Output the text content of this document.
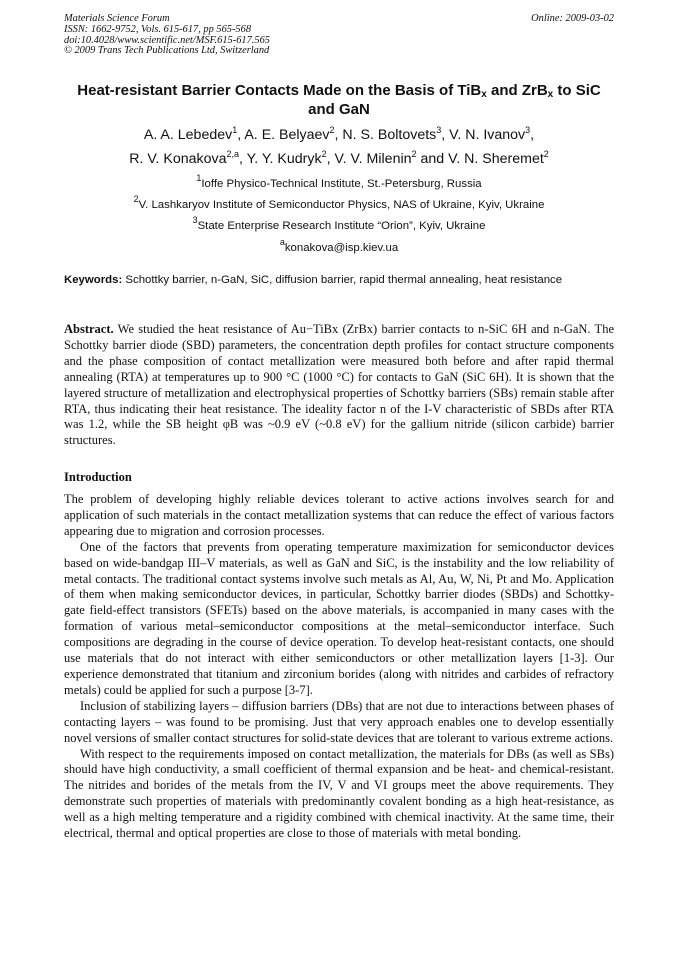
Materials Science Forum
ISSN: 1662-9752, Vols. 615-617, pp 565-568
doi:10.4028/www.scientific.net/MSF.615-617.565
© 2009 Trans Tech Publications Ltd, Switzerland
Online: 2009-03-02
Heat-resistant Barrier Contacts Made on the Basis of TiB$_x$ and ZrB$_x$ to SiC and GaN
A. A. Lebedev$^1$, A. E. Belyaev$^2$, N. S. Boltovets$^3$, V. N. Ivanov$^3$,
R. V. Konakova$^{2,a}$, Y. Y. Kudryk$^2$, V. V. Milenin$^2$ and V. N. Sheremet$^2$
$^1$Ioffe Physico-Technical Institute, St.-Petersburg, Russia
$^2$V. Lashkaryov Institute of Semiconductor Physics, NAS of Ukraine, Kyiv, Ukraine
$^3$State Enterprise Research Institute “Orion”, Kyiv, Ukraine
$^a$konakova@isp.kiev.ua
Keywords: Schottky barrier, n-GaN, SiC, diffusion barrier, rapid thermal annealing, heat resistance
Abstract. We studied the heat resistance of Au−TiBx (ZrBx) barrier contacts to n-SiC 6H and n-GaN. The Schottky barrier diode (SBD) parameters, the concentration depth profiles for contact structure components and the phase composition of contact metallization were measured both before and after rapid thermal annealing (RTA) at temperatures up to 900 °C (1000 °C) for contacts to GaN (SiC 6H). It is shown that the layered structure of metallization and electrophysical properties of Schottky barriers (SBs) remain stable after RTA, thus indicating their heat resistance. The ideality factor n of the I-V characteristic of SBDs after RTA was 1.2, while the SB height φB was ~0.9 eV (~0.8 eV) for the gallium nitride (silicon carbide) barrier structures.
Introduction

The problem of developing highly reliable devices tolerant to active actions involves search for and application of such materials in the contact metallization systems that can reduce the effect of various factors appearing due to migration and corrosion processes.

One of the factors that prevents from operating temperature maximization for semiconductor devices based on wide-bandgap III–V materials, as well as GaN and SiC, is the instability and the low reliability of metal contacts. The traditional contact systems involve such metals as Al, Au, W, Ni, Pt and Mo. Application of them when making semiconductor devices, in particular, Schottky barrier diodes (SBDs) and Schottky-gate field-effect transistors (SFETs) based on the above materials, is accompanied in many cases with the formation of various metal–semiconductor compositions at the metal–semiconductor interface. Such compositions are degrading in the course of device operation. To develop heat-resistant contacts, one should use materials that do not interact with either semiconductors or other metallization layers [1-3]. Our experience demonstrated that titanium and zirconium borides (along with nitrides and carbides of refractory metals) could be applied for such a purpose [3-7].

Inclusion of stabilizing layers – diffusion barriers (DBs) that are not due to interactions between phases of contacting layers – was found to be promising. Just that very approach enables one to develop essentially novel versions of smaller contact structures for solid-state devices that are tolerant to various extreme actions.

With respect to the requirements imposed on contact metallization, the materials for DBs (as well as SBs) should have high conductivity, a small coefficient of thermal expansion and be heat- and chemical-resistant. The nitrides and borides of the metals from the IV, V and VI groups meet the above requirements. They demonstrate such properties of materials with predominantly covalent bonding as a high heat-resistance, as well as a high melting temperature and a rigidity combined with chemical inactivity. At the same time, their electrical, thermal and optical properties are close to those of materials with metal bonding.
